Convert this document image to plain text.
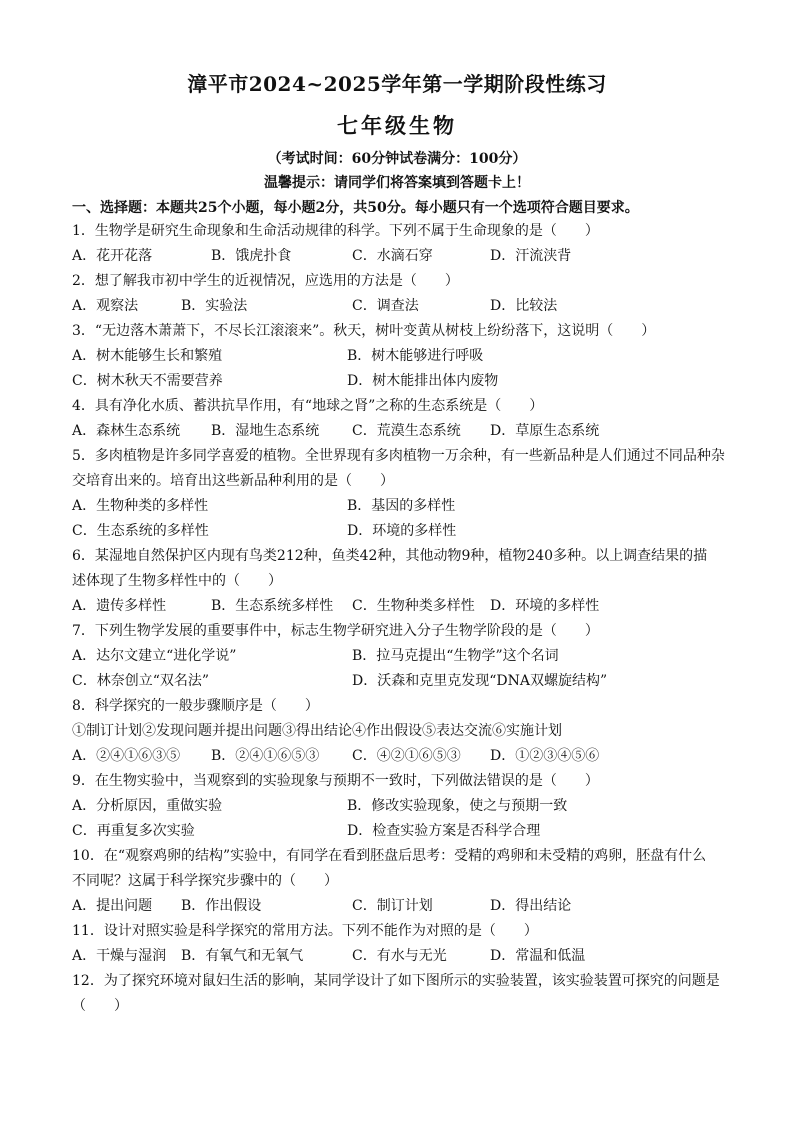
漳平市2024~2025学年第一学期阶段性练习
七年级生物
（考试时间：60分钟试卷满分：100分）
温馨提示：请同学们将答案填到答题卡上！
一、选择题：本题共25个小题，每小题2分，共50分。每小题只有一个选项符合题目要求。
1．生物学是研究生命现象和生命活动规律的科学。下列不属于生命现象的是（　　）
A．花开花落	B．饿虎扑食	C．水滴石穿	D．汗流浃背
2．想了解我市初中学生的近视情况，应选用的方法是（　　）
A．观察法	B．实验法	C．调查法	D．比较法
3．“无边落木萧萧下，不尽长江滚滚来”。秋天，树叶变黄从树枝上纷纷落下，这说明（　　）
A．树木能够生长和繁殖	B．树木能够进行呼吸
C．树木秋天不需要营养	D．树木能排出体内废物
4．具有净化水质、蓄洪抗旱作用，有“地球之肾”之称的生态系统是（　　）
A．森林生态系统 B．湿地生态系统 C．荒漠生态系统 D．草原生态系统
5．多肉植物是许多同学喜爱的植物。全世界现有多肉植物一万余种，有一些新品种是人们通过不同品种杂
交培育出来的。培育出这些新品种利用的是（　　）
A．生物种类的多样性	B．基因的多样性
C．生态系统的多样性	D．环境的多样性
6．某湿地自然保护区内现有鸟类212种，鱼类42种，其他动物9种，植物240多种。以上调查结果的描
述体现了生物多样性中的（　　）
A．遗传多样性	B．生态系统多样性 C．生物种类多样性 D．环境的多样性
7．下列生物学发展的重要事件中，标志生物学研究进入分子生物学阶段的是（　　）
A．达尔文建立“进化学说”	B．拉马克提出“生物学”这个名词
C．林奈创立“双名法”	D．沃森和克里克发现“DNA双螺旋结构”
8．科学探究的一般步骤顺序是（　　）
①制订计划②发现问题并提出问题③得出结论④作出假设⑤表达交流⑥实施计划
A．②④①⑥③⑤ B．②④①⑥⑤③ C．④②①⑥⑤③ D．①②③④⑤⑥
9．在生物实验中，当观察到的实验现象与预期不一致时，下列做法错误的是（　　）
A．分析原因，重做实验	B．修改实验现象，使之与预期一致
C．再重复多次实验	D．检查实验方案是否科学合理
10．在“观察鸡卵的结构”实验中，有同学在看到胚盘后思考：受精的鸡卵和未受精的鸡卵，胚盘有什么
不同呢？这属于科学探究步骤中的（　　）
A．提出问题 B．作出假设	C．制订计划	D．得出结论
11．设计对照实验是科学探究的常用方法。下列不能作为对照的是（　　）
A．干燥与湿润 B．有氧气和无氧气	C．有水与无光	D．常温和低温
12．为了探究环境对鼠妇生活的影响，某同学设计了如下图所示的实验装置，该实验装置可探究的问题是
（　　）
